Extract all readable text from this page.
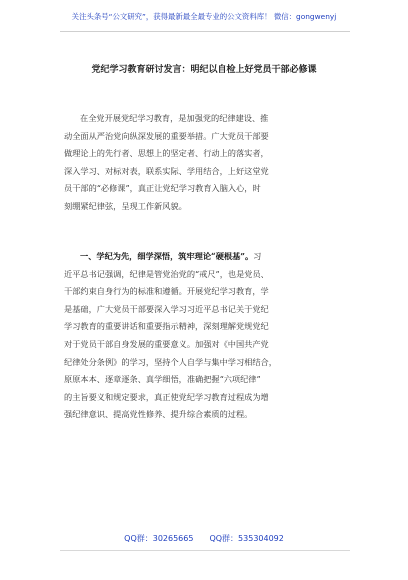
关注头条号“公文研究”，获得最新最全最专业的公文资料库！ 微信：gongwenyj
党纪学习教育研讨发言：明纪以自检上好党员干部必修课
在全党开展党纪学习教育，是加强党的纪律建设、推
动全面从严治党向纵深发展的重要举措。广大党员干部要
做理论上的先行者、思想上的坚定者、行动上的落实者，
深入学习、对标对表，联系实际、学用结合，上好这堂党
员干部的“必修课”，真正让党纪学习教育入脑入心，时
刻绷紧纪律弦，呈现工作新风貌。
一、学纪为先，细学深悟，筑牢理论“硬根基”。习
近平总书记强调，纪律是管党治党的“戒尺”，也是党员、
干部约束自身行为的标准和遵循。开展党纪学习教育，学
是基础，广大党员干部要深入学习习近平总书记关于党纪
学习教育的重要讲话和重要指示精神，深刻理解党规党纪
对于党员干部自身发展的重要意义。加强对《中国共产党
纪律处分条例》的学习，坚持个人自学与集中学习相结合，
原原本本、逐章逐条、真学细悟，准确把握“六项纪律”
的主旨要义和规定要求，真正使党纪学习教育过程成为增
强纪律意识、提高党性修养、提升综合素质的过程。
QQ群：30265665　　QQ群：535304092
